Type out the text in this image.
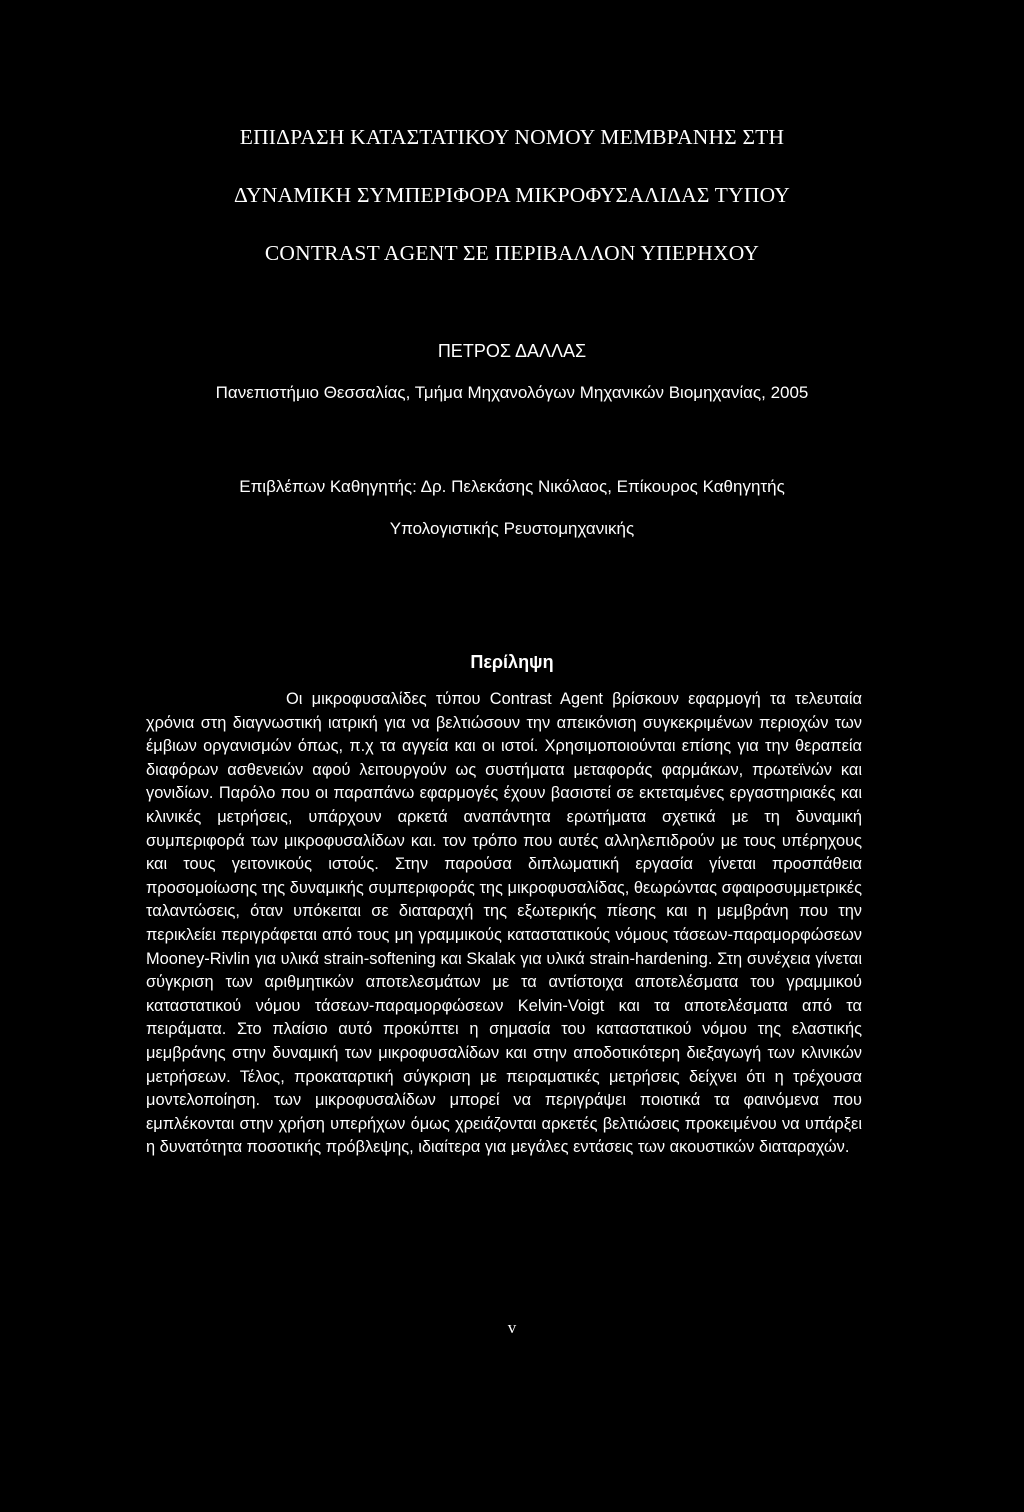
ΕΠΙΔΡΑΣΗ ΚΑΤΑΣΤΑΤΙΚΟΥ ΝΟΜΟΥ ΜΕΜΒΡΑΝΗΣ ΣΤΗ
ΔΥΝΑΜΙΚΗ ΣΥΜΠΕΡΙΦΟΡΑ ΜΙΚΡΟΦΥΣΑΛΙΔΑΣ ΤΥΠΟΥ
CONTRAST AGENT ΣΕ ΠΕΡΙΒΑΛΛΟΝ ΥΠΕΡΗΧΟΥ
ΠΕΤΡΟΣ ΔΑΛΛΑΣ
Πανεπιστήμιο Θεσσαλίας, Τμήμα Μηχανολόγων Μηχανικών Βιομηχανίας, 2005
Επιβλέπων Καθηγητής: Δρ. Πελεκάσης Νικόλαος, Επίκουρος Καθηγητής
Υπολογιστικής Ρευστομηχανικής
Περίληψη

Οι μικροφυσαλίδες τύπου Contrast Agent βρίσκουν εφαρμογή τα τελευταία χρόνια στη διαγνωστική ιατρική για να βελτιώσουν την απεικόνιση συγκεκριμένων περιοχών των έμβιων οργανισμών όπως, π.χ τα αγγεία και οι ιστοί. Χρησιμοποιούνται επίσης για την θεραπεία διαφόρων ασθενειών αφού λειτουργούν ως συστήματα μεταφοράς φαρμάκων, πρωτεϊνών και γονιδίων. Παρόλο που οι παραπάνω εφαρμογές έχουν βασιστεί σε εκτεταμένες εργαστηριακές και κλινικές μετρήσεις, υπάρχουν αρκετά αναπάντητα ερωτήματα σχετικά με τη δυναμική συμπεριφορά των μικροφυσαλίδων και. τον τρόπο που αυτές αλληλεπιδρούν με τους υπέρηχους και τους γειτονικούς ιστούς. Στην παρούσα διπλωματική εργασία γίνεται προσπάθεια προσομοίωσης της δυναμικής συμπεριφοράς της μικροφυσαλίδας, θεωρώντας σφαιροσυμμετρικές ταλαντώσεις, όταν υπόκειται σε διαταραχή της εξωτερικής πίεσης και η μεμβράνη που την περικλείει περιγράφεται από τους μη γραμμικούς καταστατικούς νόμους τάσεων-παραμορφώσεων Mooney-Rivlin για υλικά strain-softening και Skalak για υλικά strain-hardening. Στη συνέχεια γίνεται σύγκριση των αριθμητικών αποτελεσμάτων με τα αντίστοιχα αποτελέσματα του γραμμικού καταστατικού νόμου τάσεων-παραμορφώσεων Kelvin-Voigt και τα αποτελέσματα από τα πειράματα. Στο πλαίσιο αυτό προκύπτει η σημασία του καταστατικού νόμου της ελαστικής μεμβράνης στην δυναμική των μικροφυσαλίδων και στην αποδοτικότερη διεξαγωγή των κλινικών μετρήσεων. Τέλος, προκαταρτική σύγκριση με πειραματικές μετρήσεις δείχνει ότι η τρέχουσα μοντελοποίηση. των μικροφυσαλίδων μπορεί να περιγράψει ποιοτικά τα φαινόμενα που εμπλέκονται στην χρήση υπερήχων όμως χρειάζονται αρκετές βελτιώσεις προκειμένου να υπάρξει η δυνατότητα ποσοτικής πρόβλεψης, ιδιαίτερα για μεγάλες εντάσεις των ακουστικών διαταραχών.

v
